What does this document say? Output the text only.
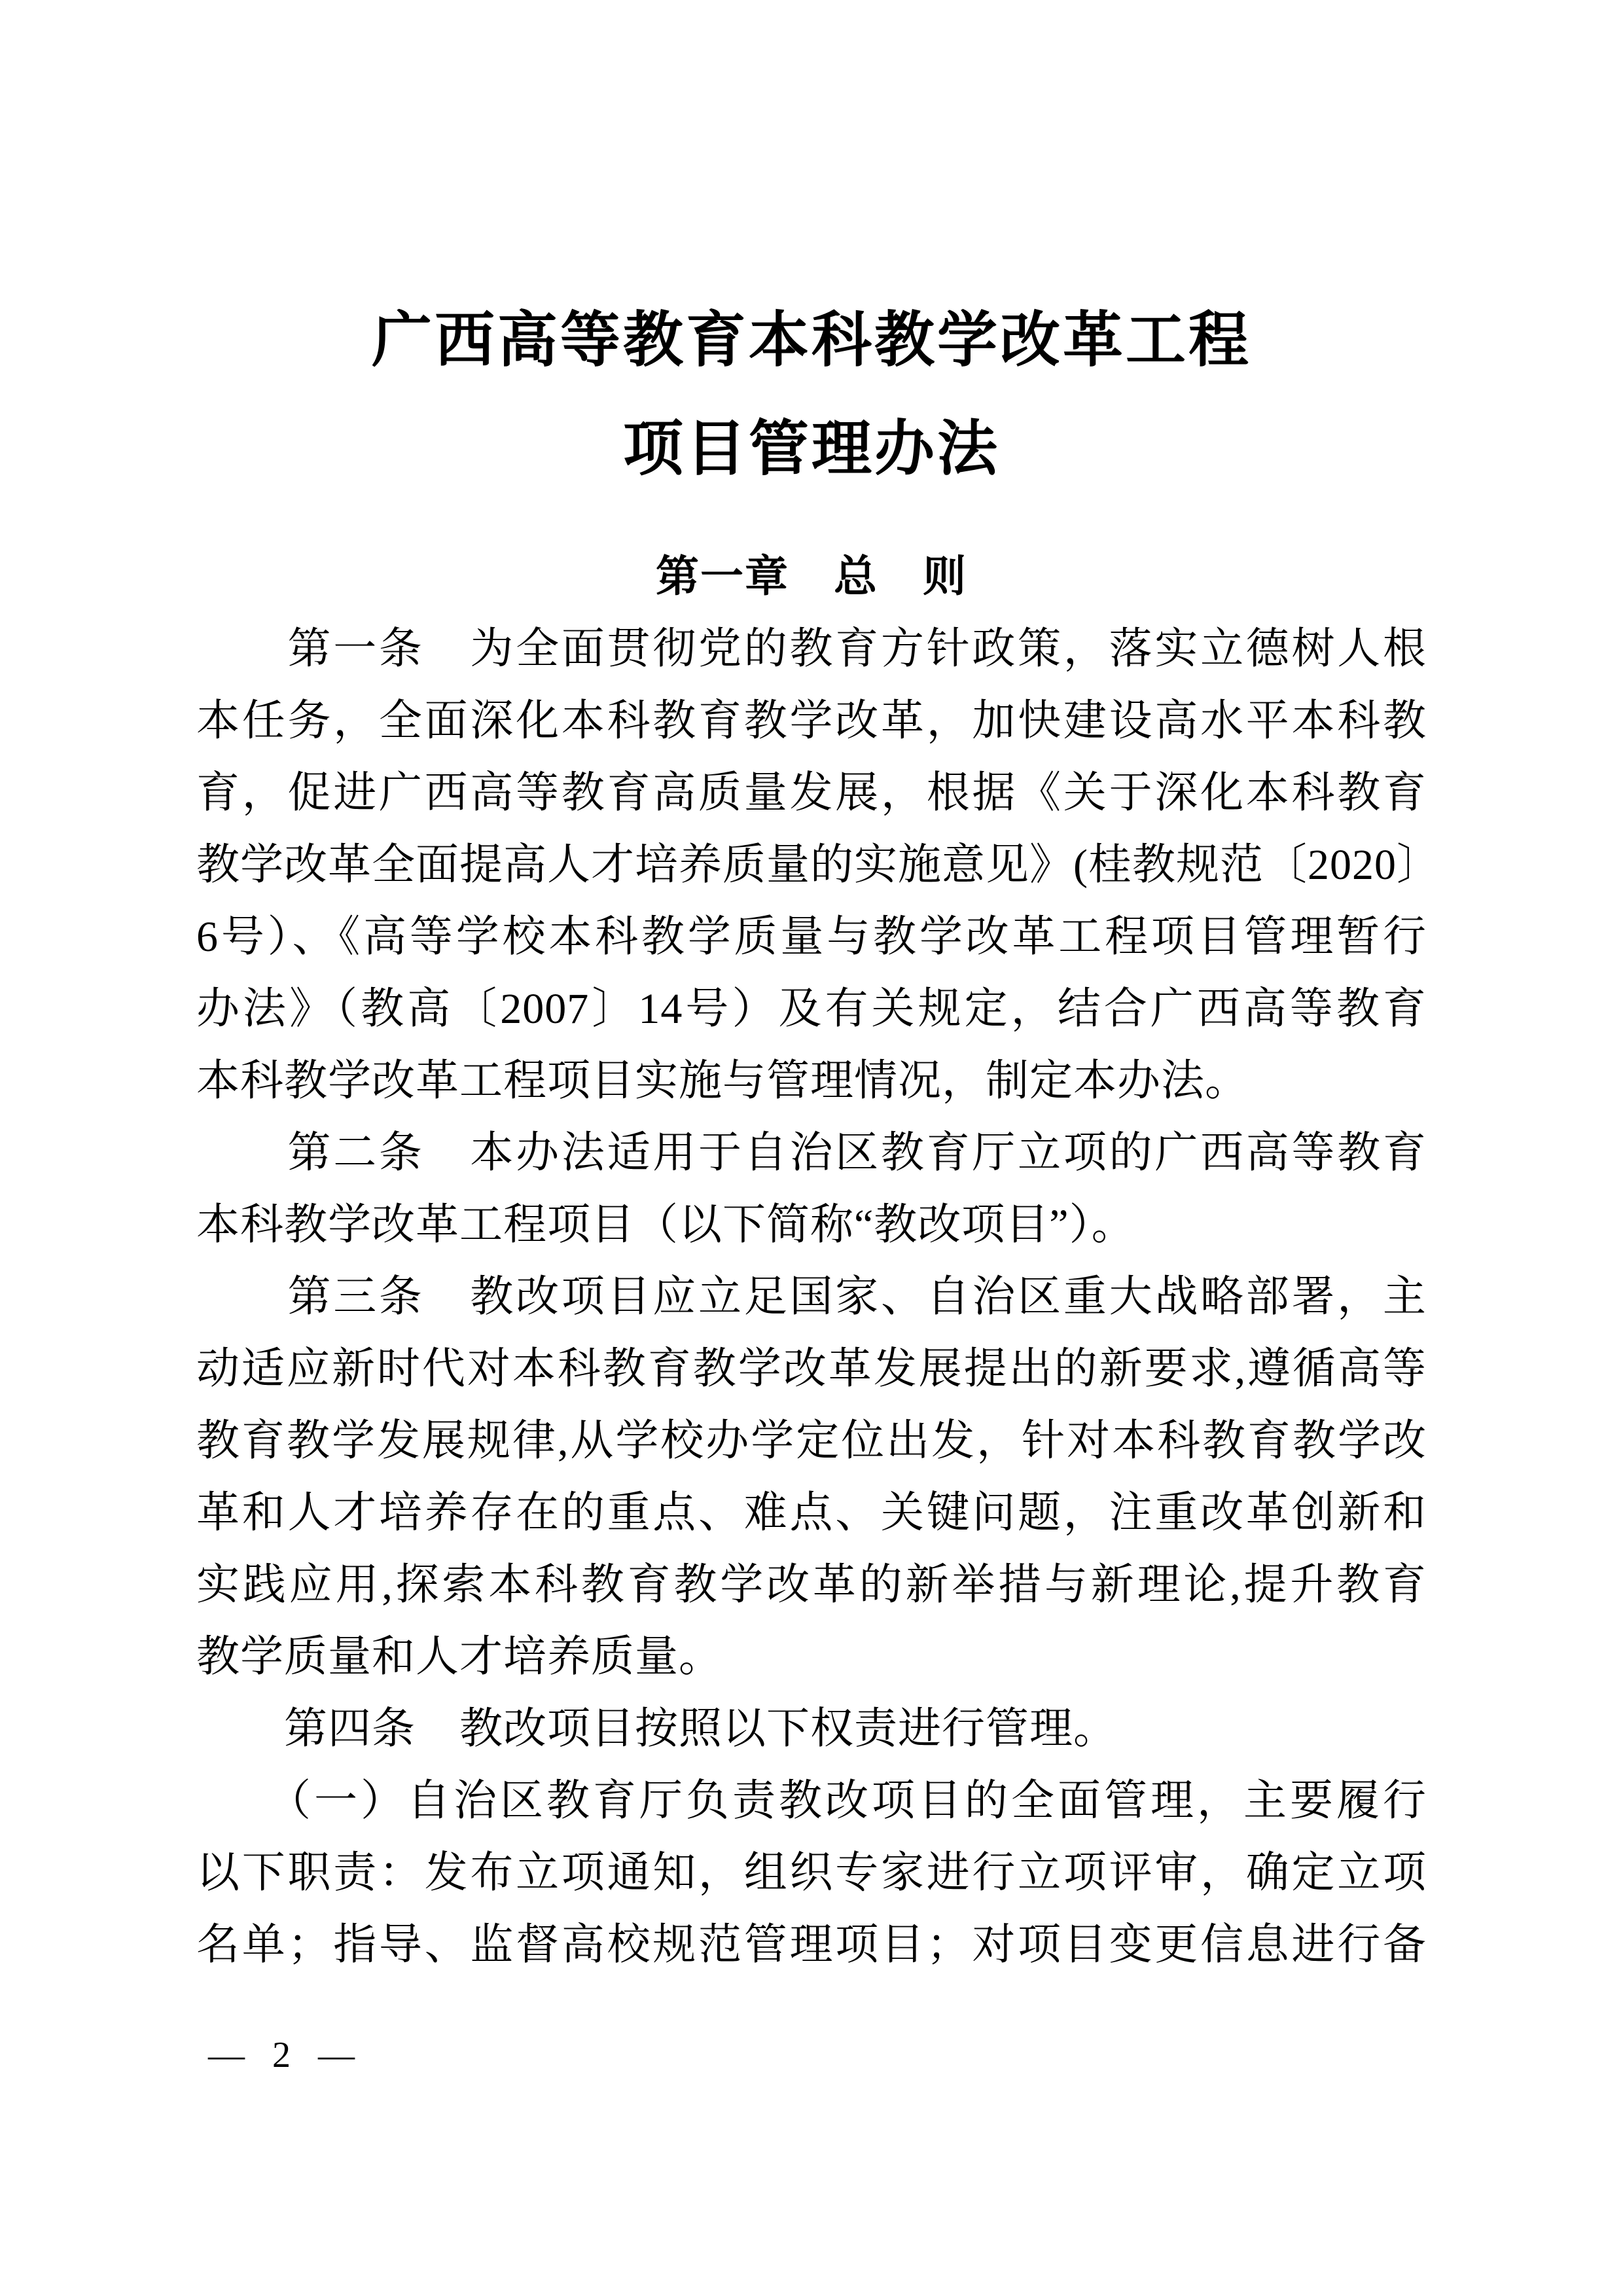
广西高等教育本科教学改革工程
项目管理办法
第一章　总　则
　　第一条　为全面贯彻党的教育方针政策，落实立德树人根
本任务，全面深化本科教育教学改革，加快建设高水平本科教
育，促进广西高等教育高质量发展，根据《关于深化本科教育
教学改革全面提高人才培养质量的实施意见》(桂教规范〔2020〕
6号）、《高等学校本科教学质量与教学改革工程项目管理暂行
办法》（教高〔2007〕14号）及有关规定，结合广西高等教育
本科教学改革工程项目实施与管理情况，制定本办法。
　　第二条　本办法适用于自治区教育厅立项的广西高等教育
本科教学改革工程项目（以下简称“教改项目”）。
　　第三条　教改项目应立足国家、自治区重大战略部署，主
动适应新时代对本科教育教学改革发展提出的新要求,遵循高等
教育教学发展规律,从学校办学定位出发，针对本科教育教学改
革和人才培养存在的重点、难点、关键问题，注重改革创新和
实践应用,探索本科教育教学改革的新举措与新理论,提升教育
教学质量和人才培养质量。
　　第四条　教改项目按照以下权责进行管理。
　　（一）自治区教育厅负责教改项目的全面管理，主要履行
以下职责：发布立项通知，组织专家进行立项评审，确定立项
名单；指导、监督高校规范管理项目；对项目变更信息进行备
— 2 —
